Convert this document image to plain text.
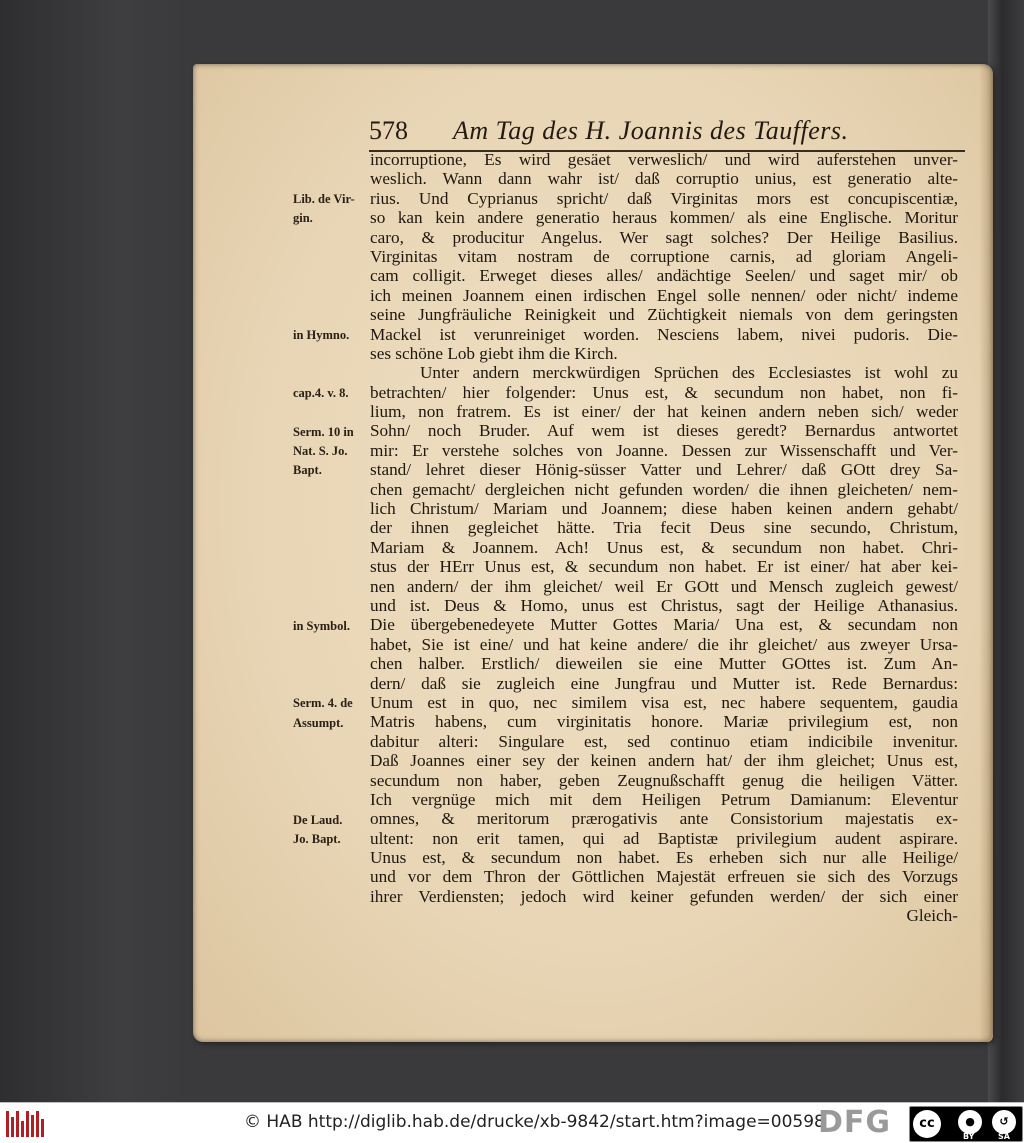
578	Am Tag des H. Joannis des Tauffers.
incorruptione, Es wird gesäet verweslich/ und wird auferstehen unver-
weslich. Wann dann wahr ist/ daß corruptio unius, est generatio alte-
rius. Und Cyprianus spricht/ daß Virginitas mors est concupiscentiæ,
so kan kein andere generatio heraus kommen/ als eine Englische. Moritur
caro, & producitur Angelus. Wer sagt solches? Der Heilige Basilius.
Virginitas vitam nostram de corruptione carnis, ad gloriam Angeli-
cam colligit. Erweget dieses alles/ andächtige Seelen/ und saget mir/ ob
ich meinen Joannem einen irdischen Engel solle nennen/ oder nicht/ indeme
seine Jungfräuliche Reinigkeit und Züchtigkeit niemals von dem geringsten
Mackel ist verunreiniget worden. Nesciens labem, nivei pudoris. Die-
ses schöne Lob giebt ihm die Kirch.
Unter andern merckwürdigen Sprüchen des Ecclesiastes ist wohl zu
betrachten/ hier folgender: Unus est, & secundum non habet, non fi-
lium, non fratrem. Es ist einer/ der hat keinen andern neben sich/ weder
Sohn/ noch Bruder. Auf wem ist dieses geredt? Bernardus antwortet
mir: Er verstehe solches von Joanne. Dessen zur Wissenschafft und Ver-
stand/ lehret dieser Hönig-süsser Vatter und Lehrer/ daß GOtt drey Sa-
chen gemacht/ dergleichen nicht gefunden worden/ die ihnen gleicheten/ nem-
lich Christum/ Mariam und Joannem; diese haben keinen andern gehabt/
der ihnen gegleichet hätte. Tria fecit Deus sine secundo, Christum,
Mariam & Joannem. Ach! Unus est, & secundum non habet. Chri-
stus der HErr Unus est, & secundum non habet. Er ist einer/ hat aber kei-
nen andern/ der ihm gleichet/ weil Er GOtt und Mensch zugleich gewest/
und ist. Deus & Homo, unus est Christus, sagt der Heilige Athanasius.
Die übergebenedeyete Mutter Gottes Maria/ Una est, & secundam non
habet, Sie ist eine/ und hat keine andere/ die ihr gleichet/ aus zweyer Ursa-
chen halber. Erstlich/ dieweilen sie eine Mutter GOttes ist. Zum An-
dern/ daß sie zugleich eine Jungfrau und Mutter ist. Rede Bernardus:
Unum est in quo, nec similem visa est, nec habere sequentem, gaudia
Matris habens, cum virginitatis honore. Mariæ privilegium est, non
dabitur alteri: Singulare est, sed continuo etiam indicibile invenitur.
Daß Joannes einer sey der keinen andern hat/ der ihm gleichet; Unus est,
secundum non haber, geben Zeugnußschafft genug die heiligen Vätter.
Ich vergnüge mich mit dem Heiligen Petrum Damianum: Eleventur
omnes, & meritorum prærogativis ante Consistorium majestatis ex-
ultent: non erit tamen, qui ad Baptistæ privilegium audent aspirare.
Unus est, & secundum non habet. Es erheben sich nur alle Heilige/
und vor dem Thron der Göttlichen Majestät erfreuen sie sich des Vorzugs
ihrer Verdiensten; jedoch wird keiner gefunden werden/ der sich einer
Gleich-
Lib. de Vir-
gin.
in Hymno.
cap.4. v. 8.
Serm. 10 in
Nat. S. Jo.
Bapt.
in Symbol.
Serm. 4. de
Assumpt.
De Laud.
Jo. Bapt.
© HAB http://diglib.hab.de/drucke/xb-9842/start.htm?image=00598
DFG	cc	●	↺
BY	SA
